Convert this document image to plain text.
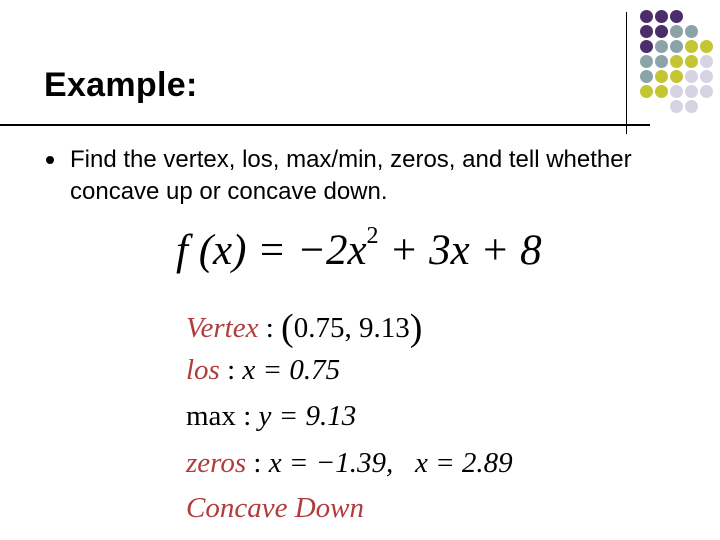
Example:
Find the vertex, los, max/min, zeros, and tell whether concave up or concave down.
f $(x) = -2x^2 + 3x + 8$
Vertex : (0.75, 9.13)
los : x = 0.75
max : y = 9.13
zeros : x = −1.39, x = 2.89
Concave Down
